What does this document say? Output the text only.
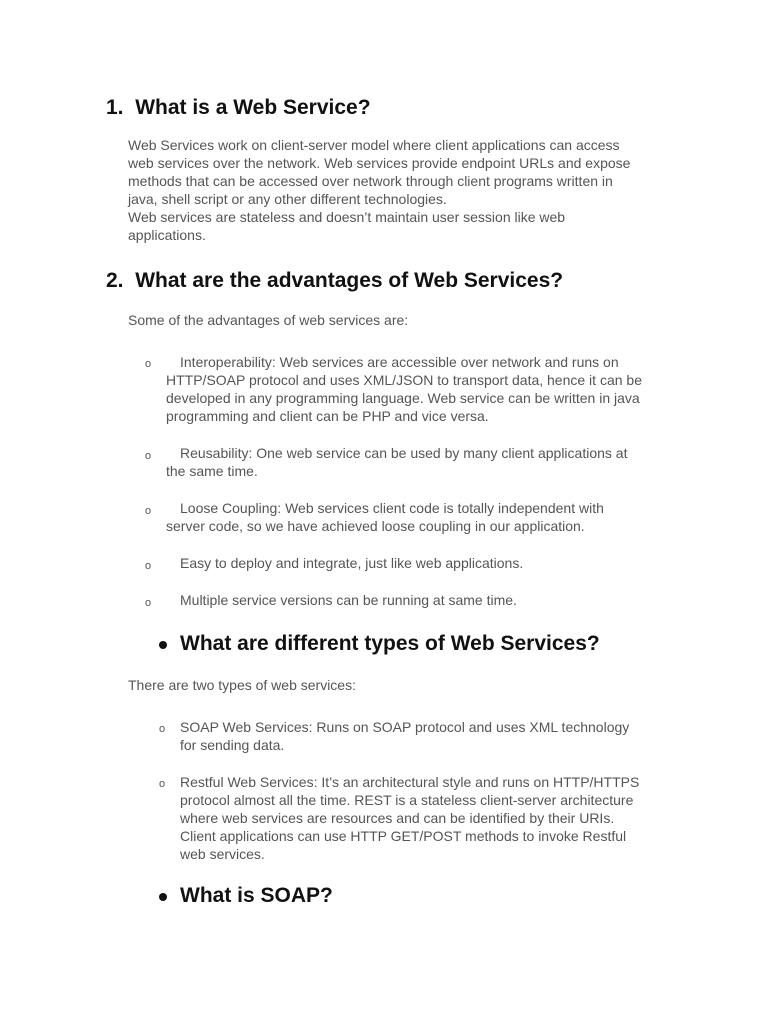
1. What is a Web Service?

Web Services work on client-server model where client applications can access
web services over the network. Web services provide endpoint URLs and expose
methods that can be accessed over network through client programs written in
java, shell script or any other different technologies.
Web services are stateless and doesn’t maintain user session like web
applications.

2. What are the advantages of Web Services?

Some of the advantages of web services are:

o	Interoperability: Web services are accessible over network and runs on
HTTP/SOAP protocol and uses XML/JSON to transport data, hence it can be
developed in any programming language. Web service can be written in java
programming and client can be PHP and vice versa.

o	Reusability: One web service can be used by many client applications at
the same time.

o	Loose Coupling: Web services client code is totally independent with
server code, so we have achieved loose coupling in our application.

o	Easy to deploy and integrate, just like web applications.

o	Multiple service versions can be running at same time.

What are different types of Web Services?

There are two types of web services:

o SOAP Web Services: Runs on SOAP protocol and uses XML technology
for sending data.

o Restful Web Services: It’s an architectural style and runs on HTTP/HTTPS
protocol almost all the time. REST is a stateless client-server architecture
where web services are resources and can be identified by their URIs.
Client applications can use HTTP GET/POST methods to invoke Restful
web services.

What is SOAP?
